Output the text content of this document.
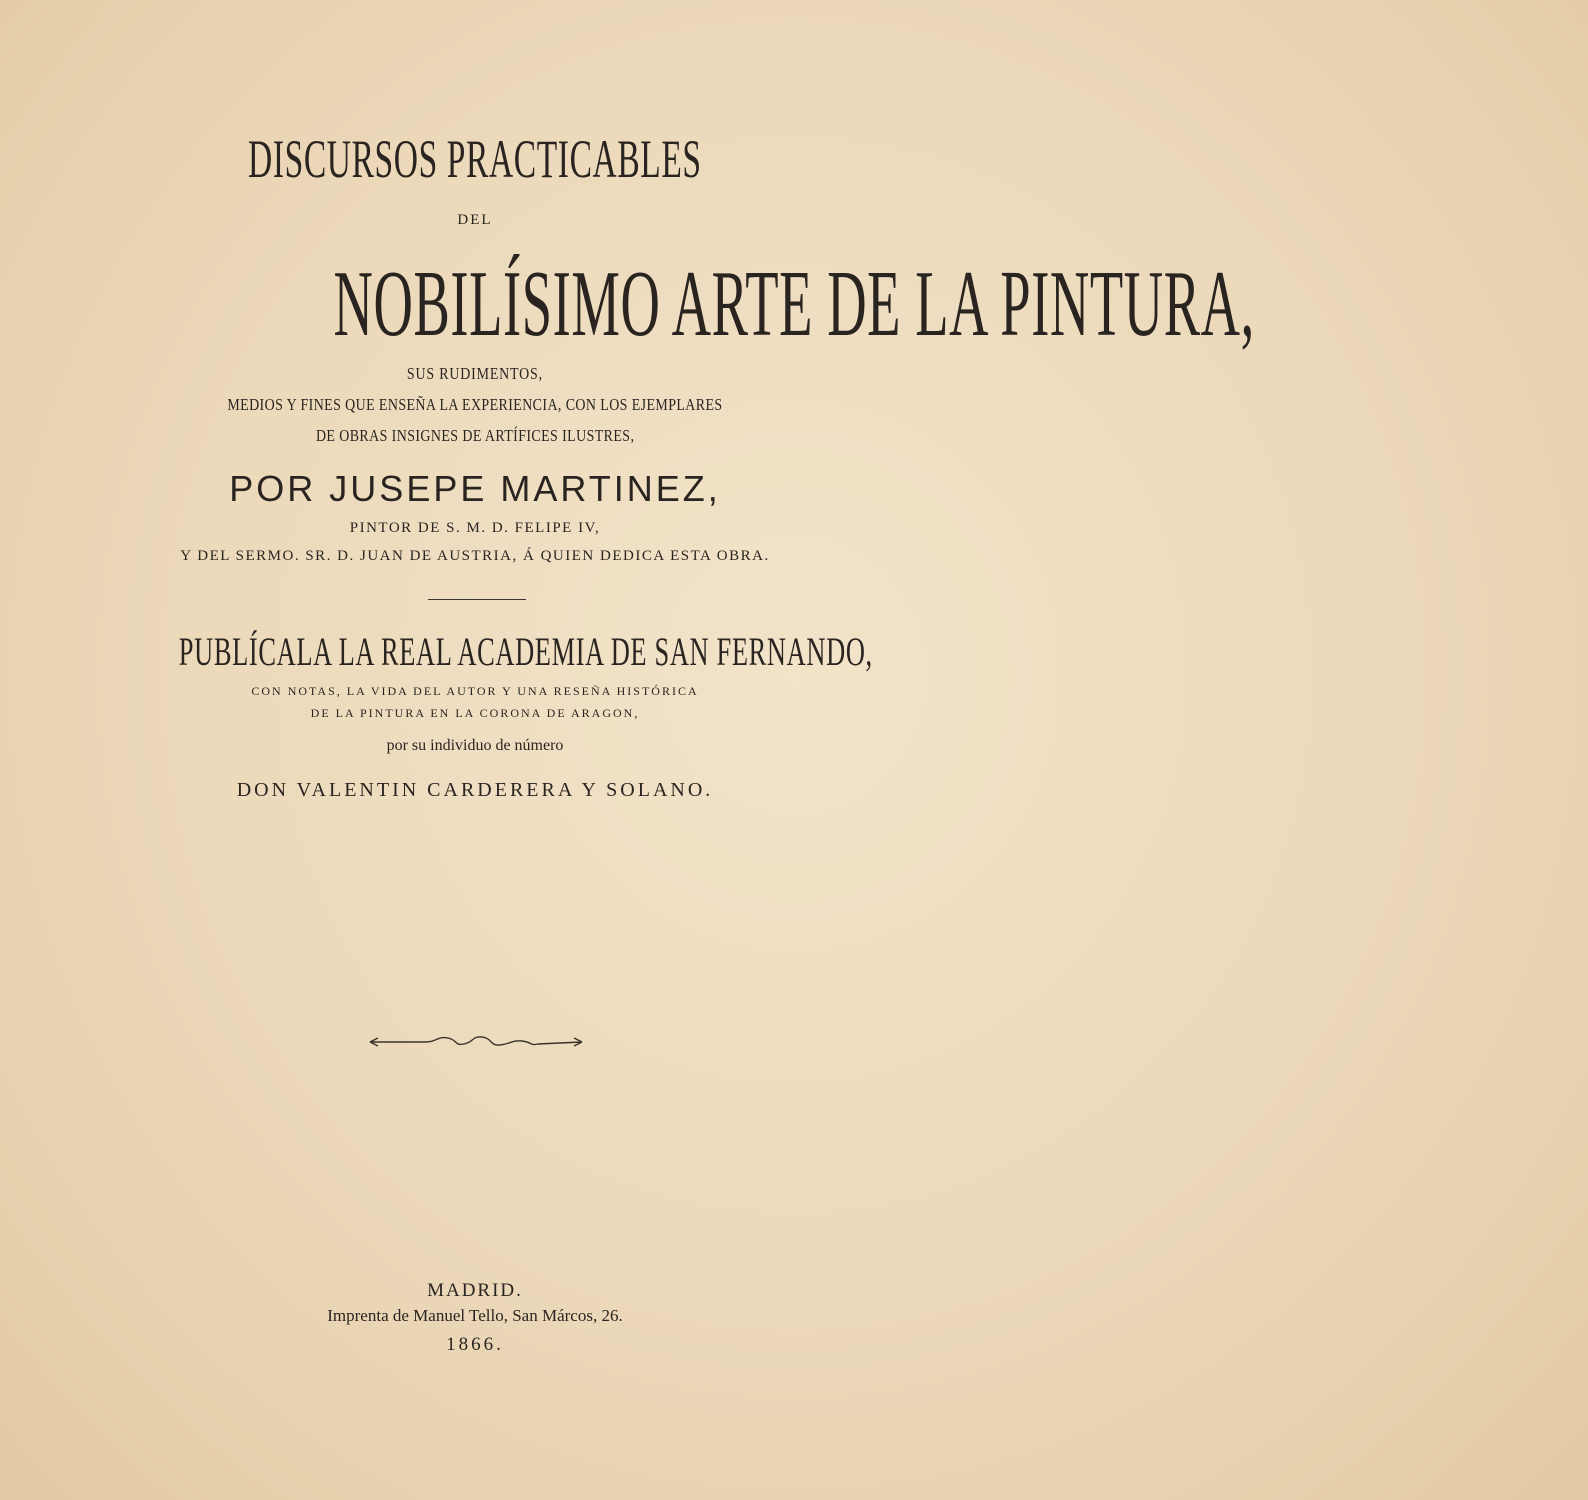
DISCURSOS PRACTICABLES
DEL
NOBILÍSIMO ARTE DE LA PINTURA,
SUS RUDIMENTOS,
MEDIOS Y FINES QUE ENSEÑA LA EXPERIENCIA, CON LOS EJEMPLARES
DE OBRAS INSIGNES DE ARTÍFICES ILUSTRES,
POR JUSEPE MARTINEZ,
PINTOR DE S. M. D. FELIPE IV,
Y DEL SERMO. SR. D. JUAN DE AUSTRIA, Á QUIEN DEDICA ESTA OBRA.
PUBLÍCALA LA REAL ACADEMIA DE SAN FERNANDO,
CON NOTAS, LA VIDA DEL AUTOR Y UNA RESEÑA HISTÓRICA
DE LA PINTURA EN LA CORONA DE ARAGON,
por su individuo de número
DON VALENTIN CARDERERA Y SOLANO.
MADRID.
Imprenta de Manuel Tello, San Márcos, 26.
1866.
